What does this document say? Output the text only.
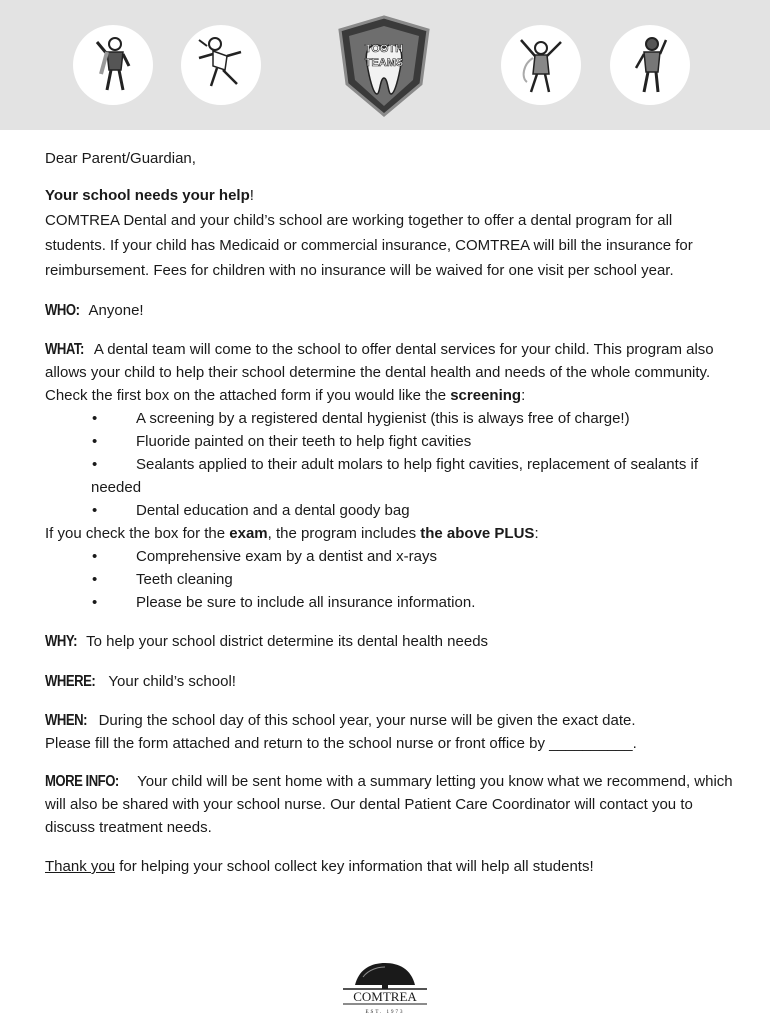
TOOTH
TEAMS

Dear Parent/Guardian,

Your school needs your help!

COMTREA Dental and your child’s school are working together to offer a dental program for all students. If your child has Medicaid or commercial insurance, COMTREA will bill the insurance for reimbursement. Fees for children with no insurance will be waived for one visit per school year.

WHO: Anyone!

WHAT: A dental team will come to the school to offer dental services for your child. This program also allows your child to help their school determine the dental health and needs of the whole community.

Check the first box on the attached form if you would like the screening:

•	A screening by a registered dental hygienist (this is always free of charge!)
•	Fluoride painted on their teeth to help fight cavities
•	Sealants applied to their adult molars to help fight cavities, replacement of sealants if needed
•	Dental education and a dental goody bag

If you check the box for the exam, the program includes the above PLUS:

•	Comprehensive exam by a dentist and x-rays
•	Teeth cleaning
•	Please be sure to include all insurance information.

WHY: To help your school district determine its dental health needs

WHERE: Your child’s school!

WHEN: During the school day of this school year, your nurse will be given the exact date.

Please fill the form attached and return to the school nurse or front office by __________.

MORE INFO: Your child will be sent home with a summary letting you know what we recommend, which will also be shared with your school nurse. Our dental Patient Care Coordinator will contact you to discuss treatment needs.

Thank you for helping your school collect key information that will help all students!

COMTREA
EST. 1973
